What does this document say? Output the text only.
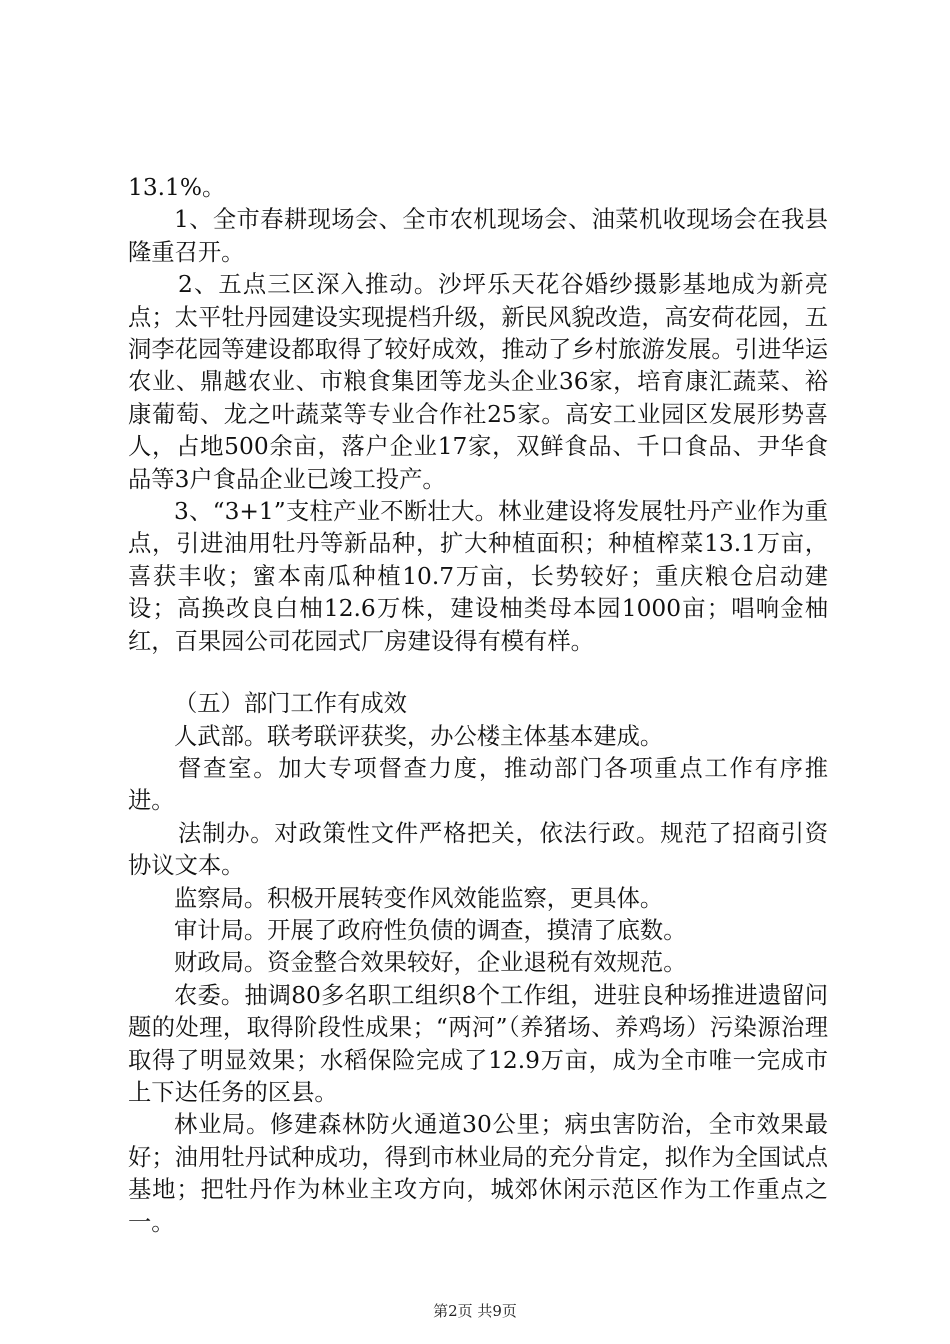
13.1%。

1、全市春耕现场会、全市农机现场会、油菜机收现场会在我县隆重召开。

2、五点三区深入推动。沙坪乐天花谷婚纱摄影基地成为新亮点；太平牡丹园建设实现提档升级，新民风貌改造，高安荷花园，五洞李花园等建设都取得了较好成效，推动了乡村旅游发展。引进华运农业、鼎越农业、市粮食集团等龙头企业36家，培育康汇蔬菜、裕康葡萄、龙之叶蔬菜等专业合作社25家。高安工业园区发展形势喜人，占地500余亩，落户企业17家，双鲜食品、千口食品、尹华食品等3户食品企业已竣工投产。

3、“3+1”支柱产业不断壮大。林业建设将发展牡丹产业作为重点，引进油用牡丹等新品种，扩大种植面积；种植榨菜13.1万亩，喜获丰收；蜜本南瓜种植10.7万亩，长势较好；重庆粮仓启动建设；高换改良白柚12.6万株，建设柚类母本园1000亩；唱响金柚红，百果园公司花园式厂房建设得有模有样。

（五）部门工作有成效

人武部。联考联评获奖，办公楼主体基本建成。

督查室。加大专项督查力度，推动部门各项重点工作有序推进。

法制办。对政策性文件严格把关，依法行政。规范了招商引资协议文本。

监察局。积极开展转变作风效能监察，更具体。

审计局。开展了政府性负债的调查，摸清了底数。

财政局。资金整合效果较好，企业退税有效规范。

农委。抽调80多名职工组织8个工作组，进驻良种场推进遗留问题的处理，取得阶段性成果；“两河”（养猪场、养鸡场）污染源治理取得了明显效果；水稻保险完成了12.9万亩，成为全市唯一完成市上下达任务的区县。

林业局。修建森林防火通道30公里；病虫害防治，全市效果最好；油用牡丹试种成功，得到市林业局的充分肯定，拟作为全国试点基地；把牡丹作为林业主攻方向，城郊休闲示范区作为工作重点之一。

第2页 共9页
